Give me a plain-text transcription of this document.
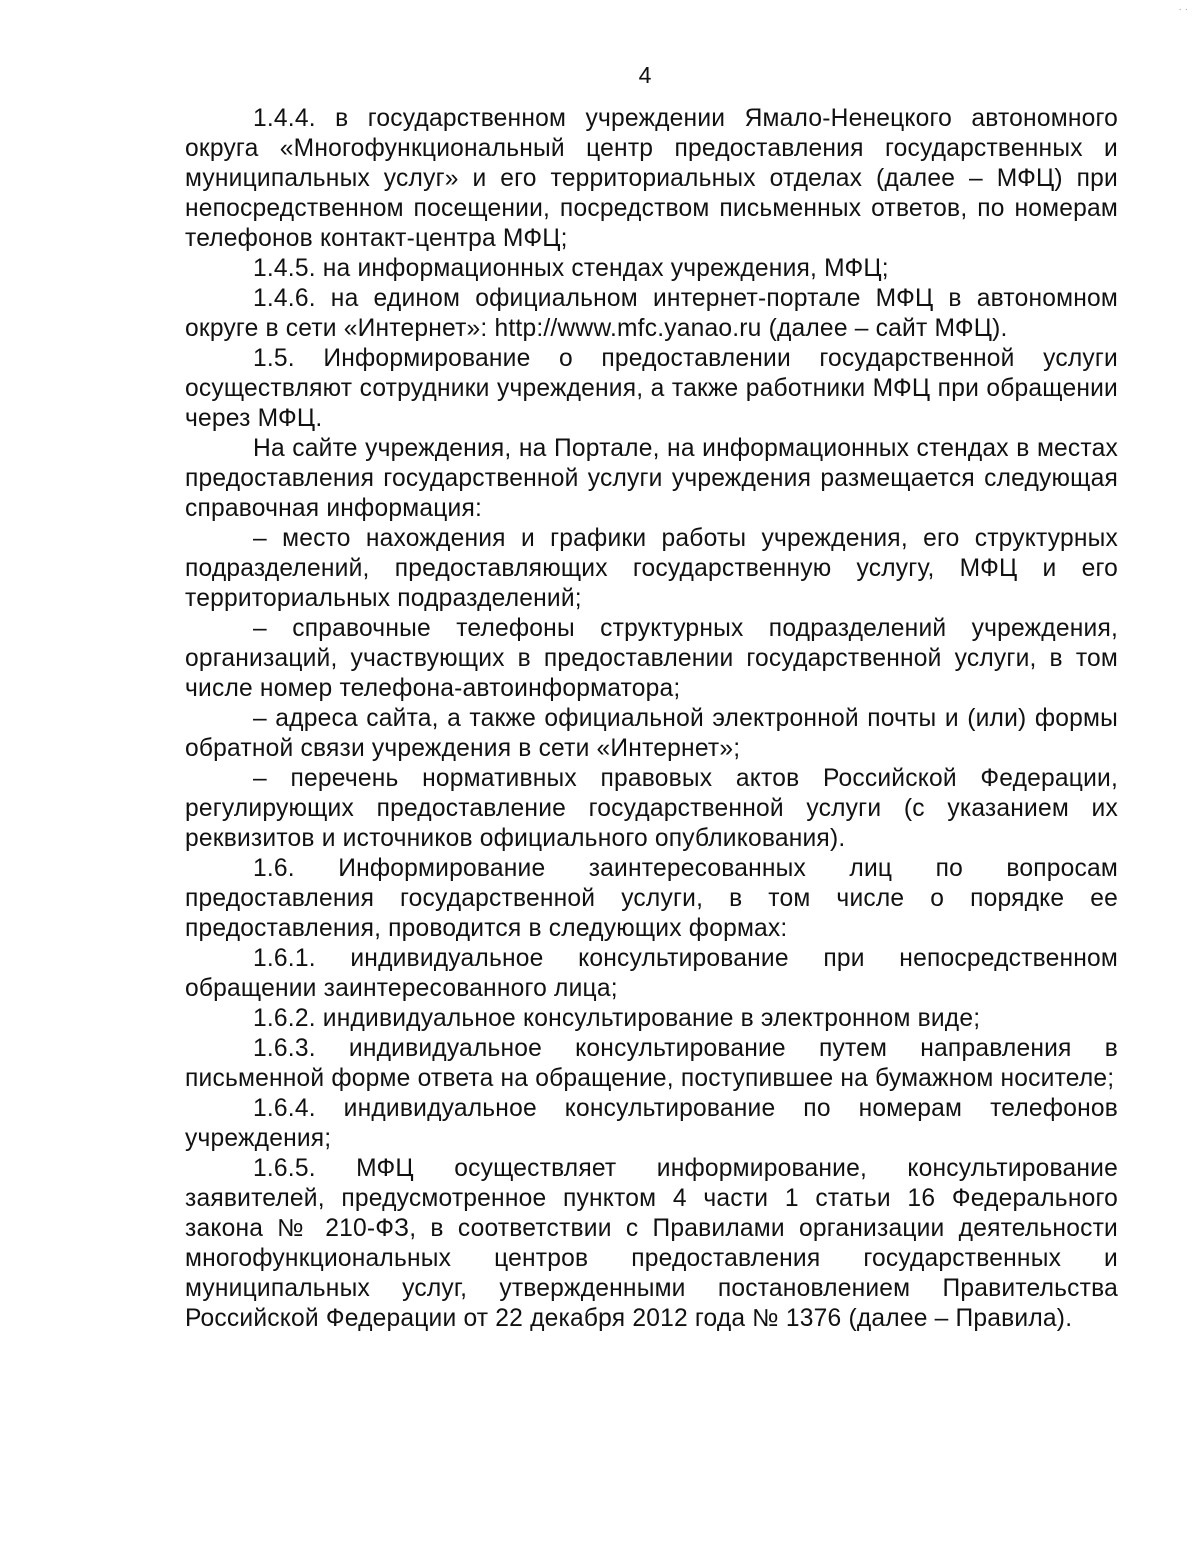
· ·
4

1.4.4. в государственном учреждении Ямало-Ненецкого автономного округа «Многофункциональный центр предоставления государственных и муниципальных услуг» и его территориальных отделах (далее – МФЦ) при непосредственном посещении, посредством письменных ответов, по номерам телефонов контакт-центра МФЦ;

1.4.5. на информационных стендах учреждения, МФЦ;

1.4.6. на едином официальном интернет-портале МФЦ в автономном округе в сети «Интернет»: http://www.mfc.yanao.ru (далее – сайт МФЦ).

1.5. Информирование о предоставлении государственной услуги осуществляют сотрудники учреждения, а также работники МФЦ при обращении через МФЦ.

На сайте учреждения, на Портале, на информационных стендах в местах предоставления государственной услуги учреждения размещается следующая справочная информация:

– место нахождения и графики работы учреждения, его структурных подразделений, предоставляющих государственную услугу, МФЦ и его территориальных подразделений;

– справочные телефоны структурных подразделений учреждения, организаций, участвующих в предоставлении государственной услуги, в том числе номер телефона-автоинформатора;

– адреса сайта, а также официальной электронной почты и (или) формы обратной связи учреждения в сети «Интернет»;

– перечень нормативных правовых актов Российской Федерации, регулирующих предоставление государственной услуги (с указанием их реквизитов и источников официального опубликования).

1.6. Информирование заинтересованных лиц по вопросам предоставления государственной услуги, в том числе о порядке ее предоставления, проводится в следующих формах:

1.6.1. индивидуальное консультирование при непосредственном обращении заинтересованного лица;

1.6.2. индивидуальное консультирование в электронном виде;

1.6.3. индивидуальное консультирование путем направления в письменной форме ответа на обращение, поступившее на бумажном носителе;

1.6.4. индивидуальное консультирование по номерам телефонов учреждения;

1.6.5. МФЦ осуществляет информирование, консультирование заявителей, предусмотренное пунктом 4 части 1 статьи 16 Федерального закона № 210-ФЗ, в соответствии с Правилами организации деятельности многофункциональных центров предоставления государственных и муниципальных услуг, утвержденными постановлением Правительства Российской Федерации от 22 декабря 2012 года № 1376 (далее – Правила).
